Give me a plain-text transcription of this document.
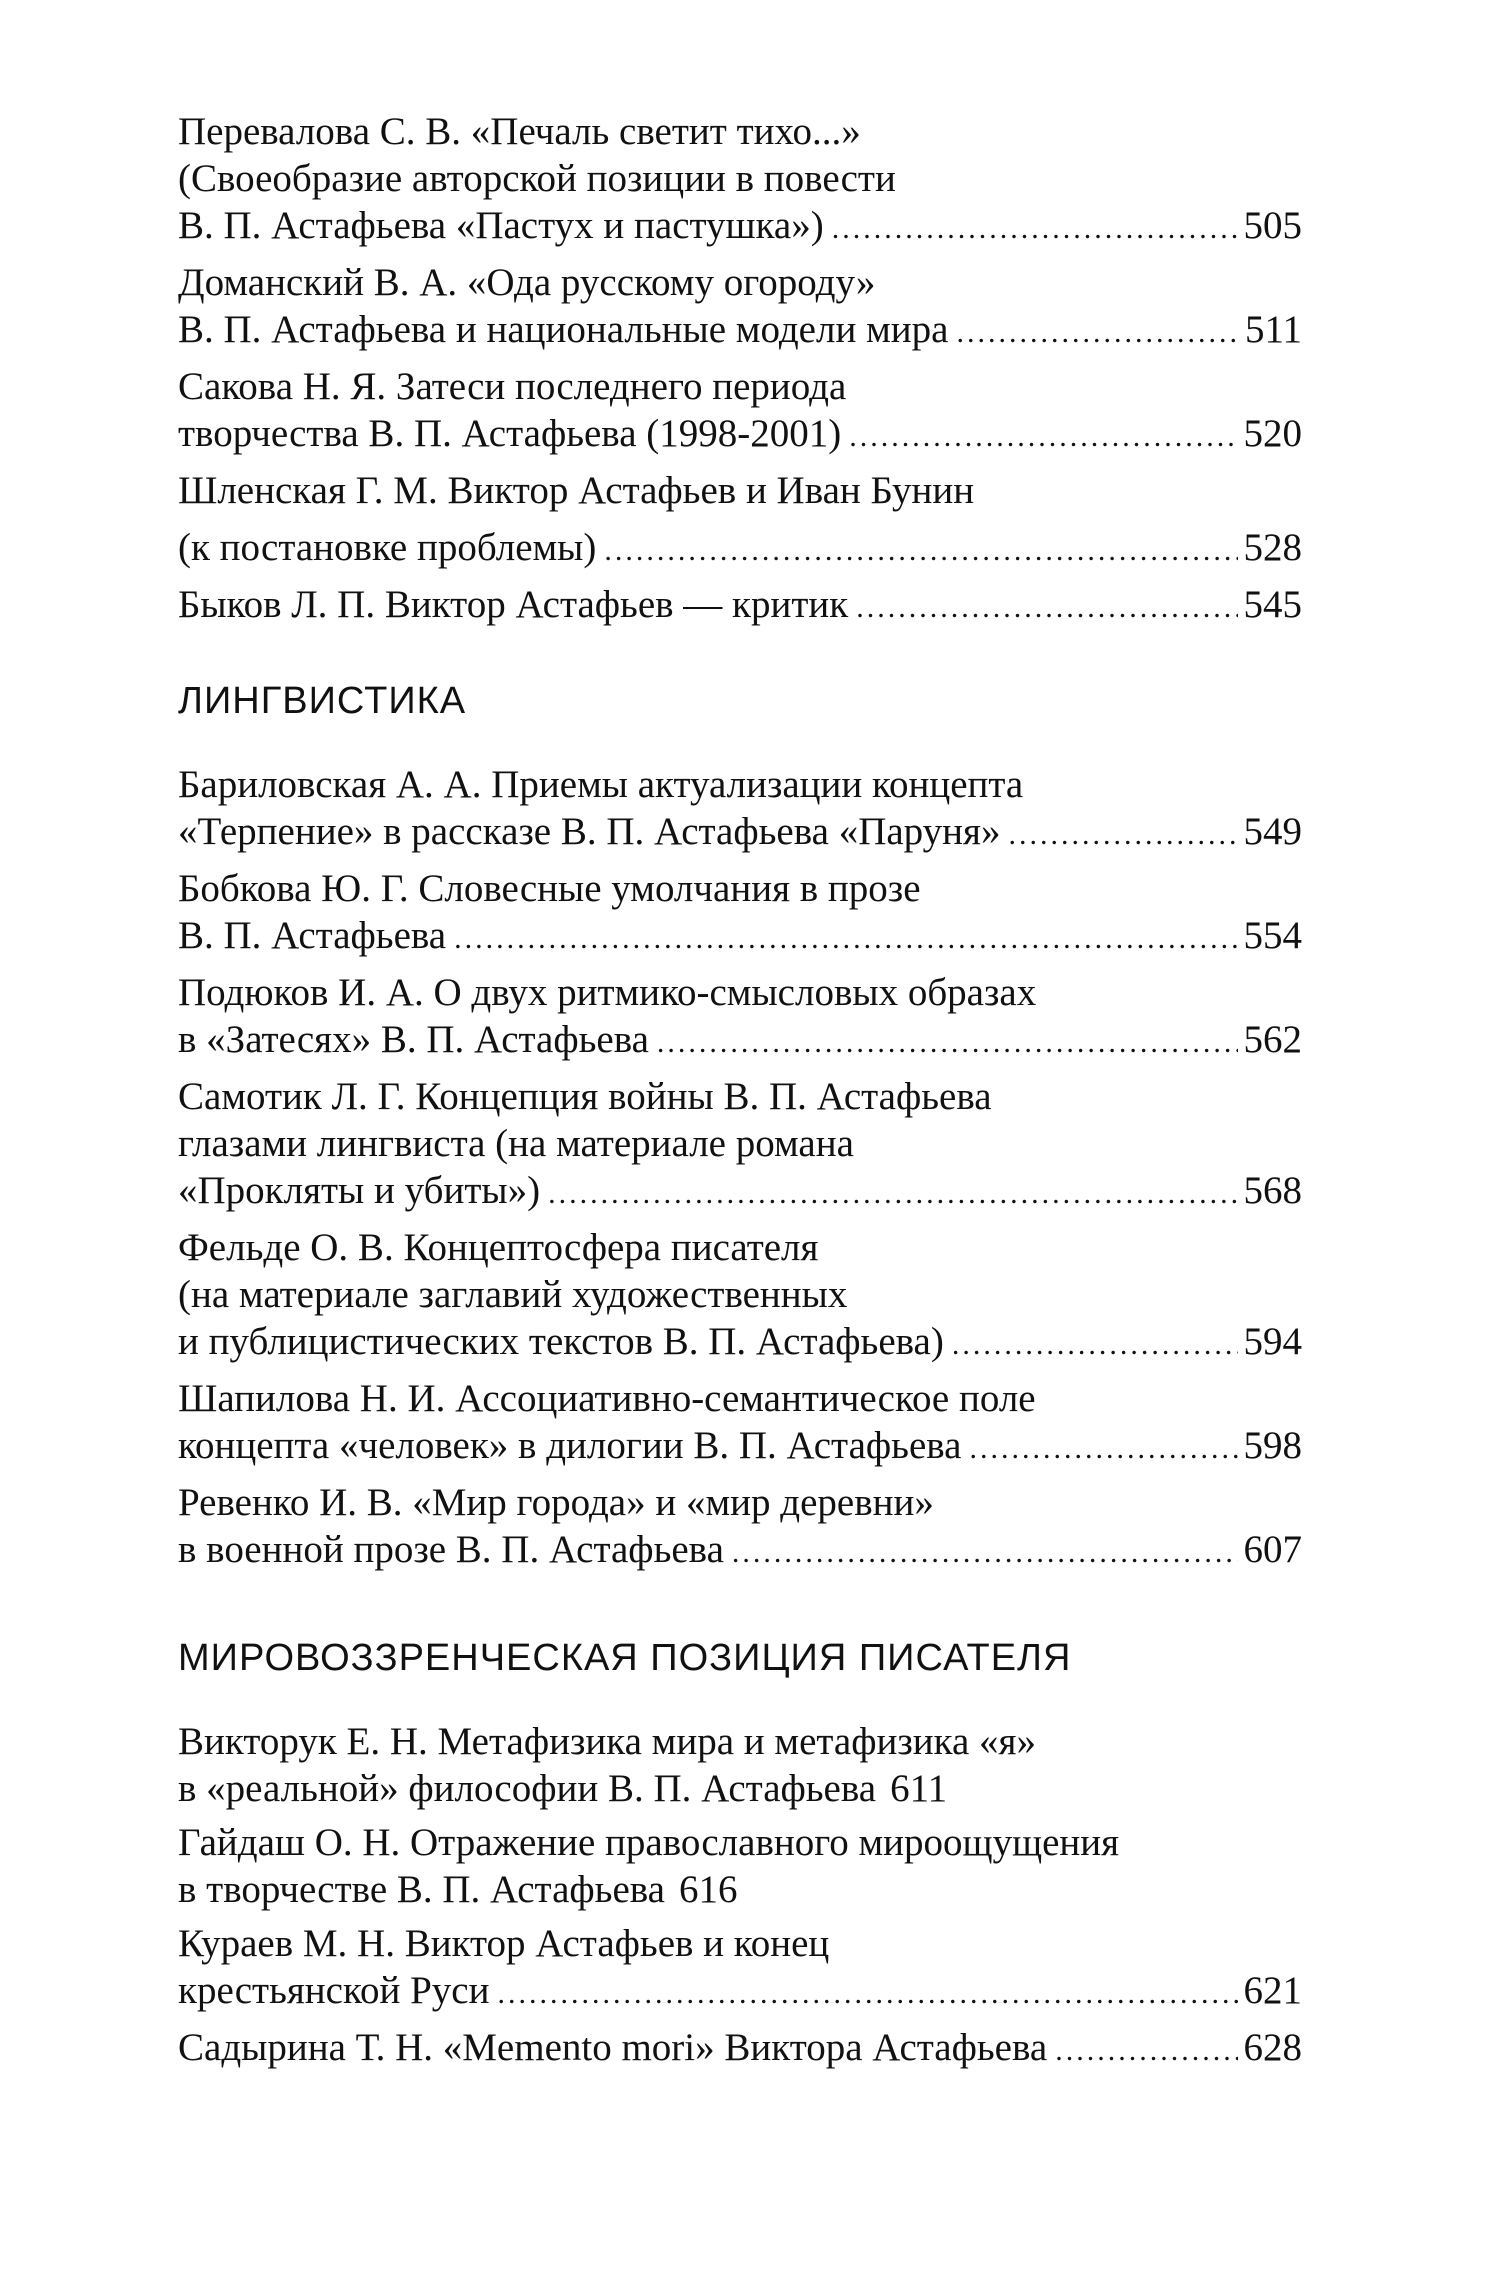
Перевалова С. В. «Печаль светит тихо...»
(Своеобразие авторской позиции в повести
В. П. Астафьева «Пастух и пастушка») .....	505
Доманский В. А. «Ода русскому огороду»
В. П. Астафьева и национальные модели мира .....	511
Сакова Н. Я. Затеси последнего периода
творчества В. П. Астафьева (1998-2001) .....	520
Шленская Г. М. Виктор Астафьев и Иван Бунин
(к постановке проблемы) .....	528
Быков Л. П. Виктор Астафьев — критик .....	545
ЛИНГВИСТИКА
Бариловская А. А. Приемы актуализации концепта
«Терпение» в рассказе В. П. Астафьева «Паруня» .....	549
Бобкова Ю. Г. Словесные умолчания в прозе
В. П. Астафьева .....	554
Подюков И. А. О двух ритмико-смысловых образах
в «Затесях» В. П. Астафьева .....	562
Самотик Л. Г. Концепция войны В. П. Астафьева
глазами лингвиста (на материале романа
«Прокляты и убиты») .....	568
Фельде О. В. Концептосфера писателя
(на материале заглавий художественных
и публицистических текстов В. П. Астафьева) .....	594
Шапилова Н. И. Ассоциативно-семантическое поле
концепта «человек» в дилогии В. П. Астафьева .....	598
Ревенко И. В. «Мир города» и «мир деревни»
в военной прозе В. П. Астафьева .....	607
МИРОВОЗЗРЕНЧЕСКАЯ ПОЗИЦИЯ ПИСАТЕЛЯ
Викторук Е. Н. Метафизика мира и метафизика «я»
в «реальной» философии В. П. Астафьева 611
Гайдаш О. Н. Отражение православного мироощущения
в творчестве В. П. Астафьева 616
Кураев М. Н. Виктор Астафьев и конец
крестьянской Руси .....	621
Садырина Т. Н. «Memento mori» Виктора Астафьева .....	628
